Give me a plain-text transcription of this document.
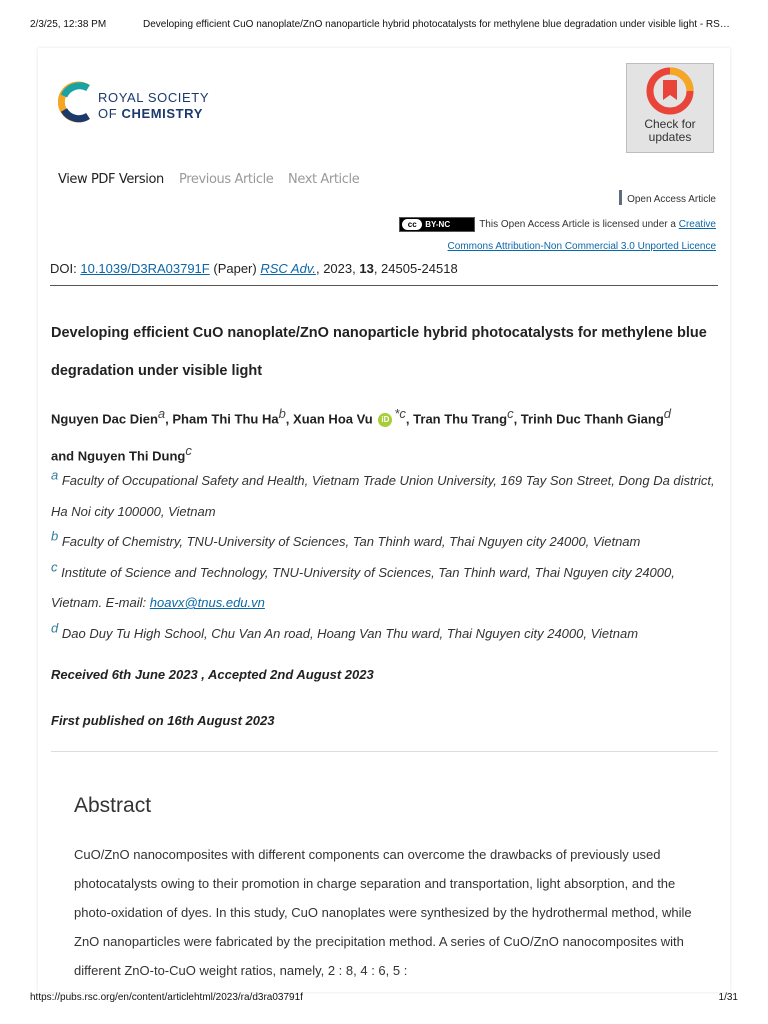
2/3/25, 12:38 PM	Developing efficient CuO nanoplate/ZnO nanoparticle hybrid photocatalysts for methylene blue degradation under visible light - RS…
ROYAL SOCIETY
OF CHEMISTRY
Check for
updates
View PDF Version Previous Article Next Article
Open Access Article
cc BY-NC	This Open Access Article is licensed under a Creative
Commons Attribution-Non Commercial 3.0 Unported Licence
DOI: 10.1039/D3RA03791F (Paper) RSC Adv., 2023, 13, 24505-24518
Developing efficient CuO nanoplate/ZnO nanoparticle hybrid photocatalysts for methylene blue degradation under visible light
Nguyen Dac Dien$^a$, Pham Thi Thu Ha$^b$, Xuan Hoa Vu iD $^{*c}$, Tran Thu Trang$^c$, Trinh Duc Thanh Giang$^d$
and Nguyen Thi Dung$^c$
a Faculty of Occupational Safety and Health, Vietnam Trade Union University, 169 Tay Son Street, Dong Da district, Ha Noi city 100000, Vietnam
b Faculty of Chemistry, TNU-University of Sciences, Tan Thinh ward, Thai Nguyen city 24000, Vietnam
c Institute of Science and Technology, TNU-University of Sciences, Tan Thinh ward, Thai Nguyen city 24000, Vietnam. E-mail: hoavx@tnus.edu.vn
d Dao Duy Tu High School, Chu Van An road, Hoang Van Thu ward, Thai Nguyen city 24000, Vietnam
Received 6th June 2023 , Accepted 2nd August 2023
First published on 16th August 2023
Abstract
CuO/ZnO nanocomposites with different components can overcome the drawbacks of previously used photocatalysts owing to their promotion in charge separation and transportation, light absorption, and the photo-oxidation of dyes. In this study, CuO nanoplates were synthesized by the hydrothermal method, while ZnO nanoparticles were fabricated by the precipitation method. A series of CuO/ZnO nanocomposites with different ZnO-to-CuO weight ratios, namely, 2 : 8, 4 : 6, 5 :
https://pubs.rsc.org/en/content/articlehtml/2023/ra/d3ra03791f	1/31
